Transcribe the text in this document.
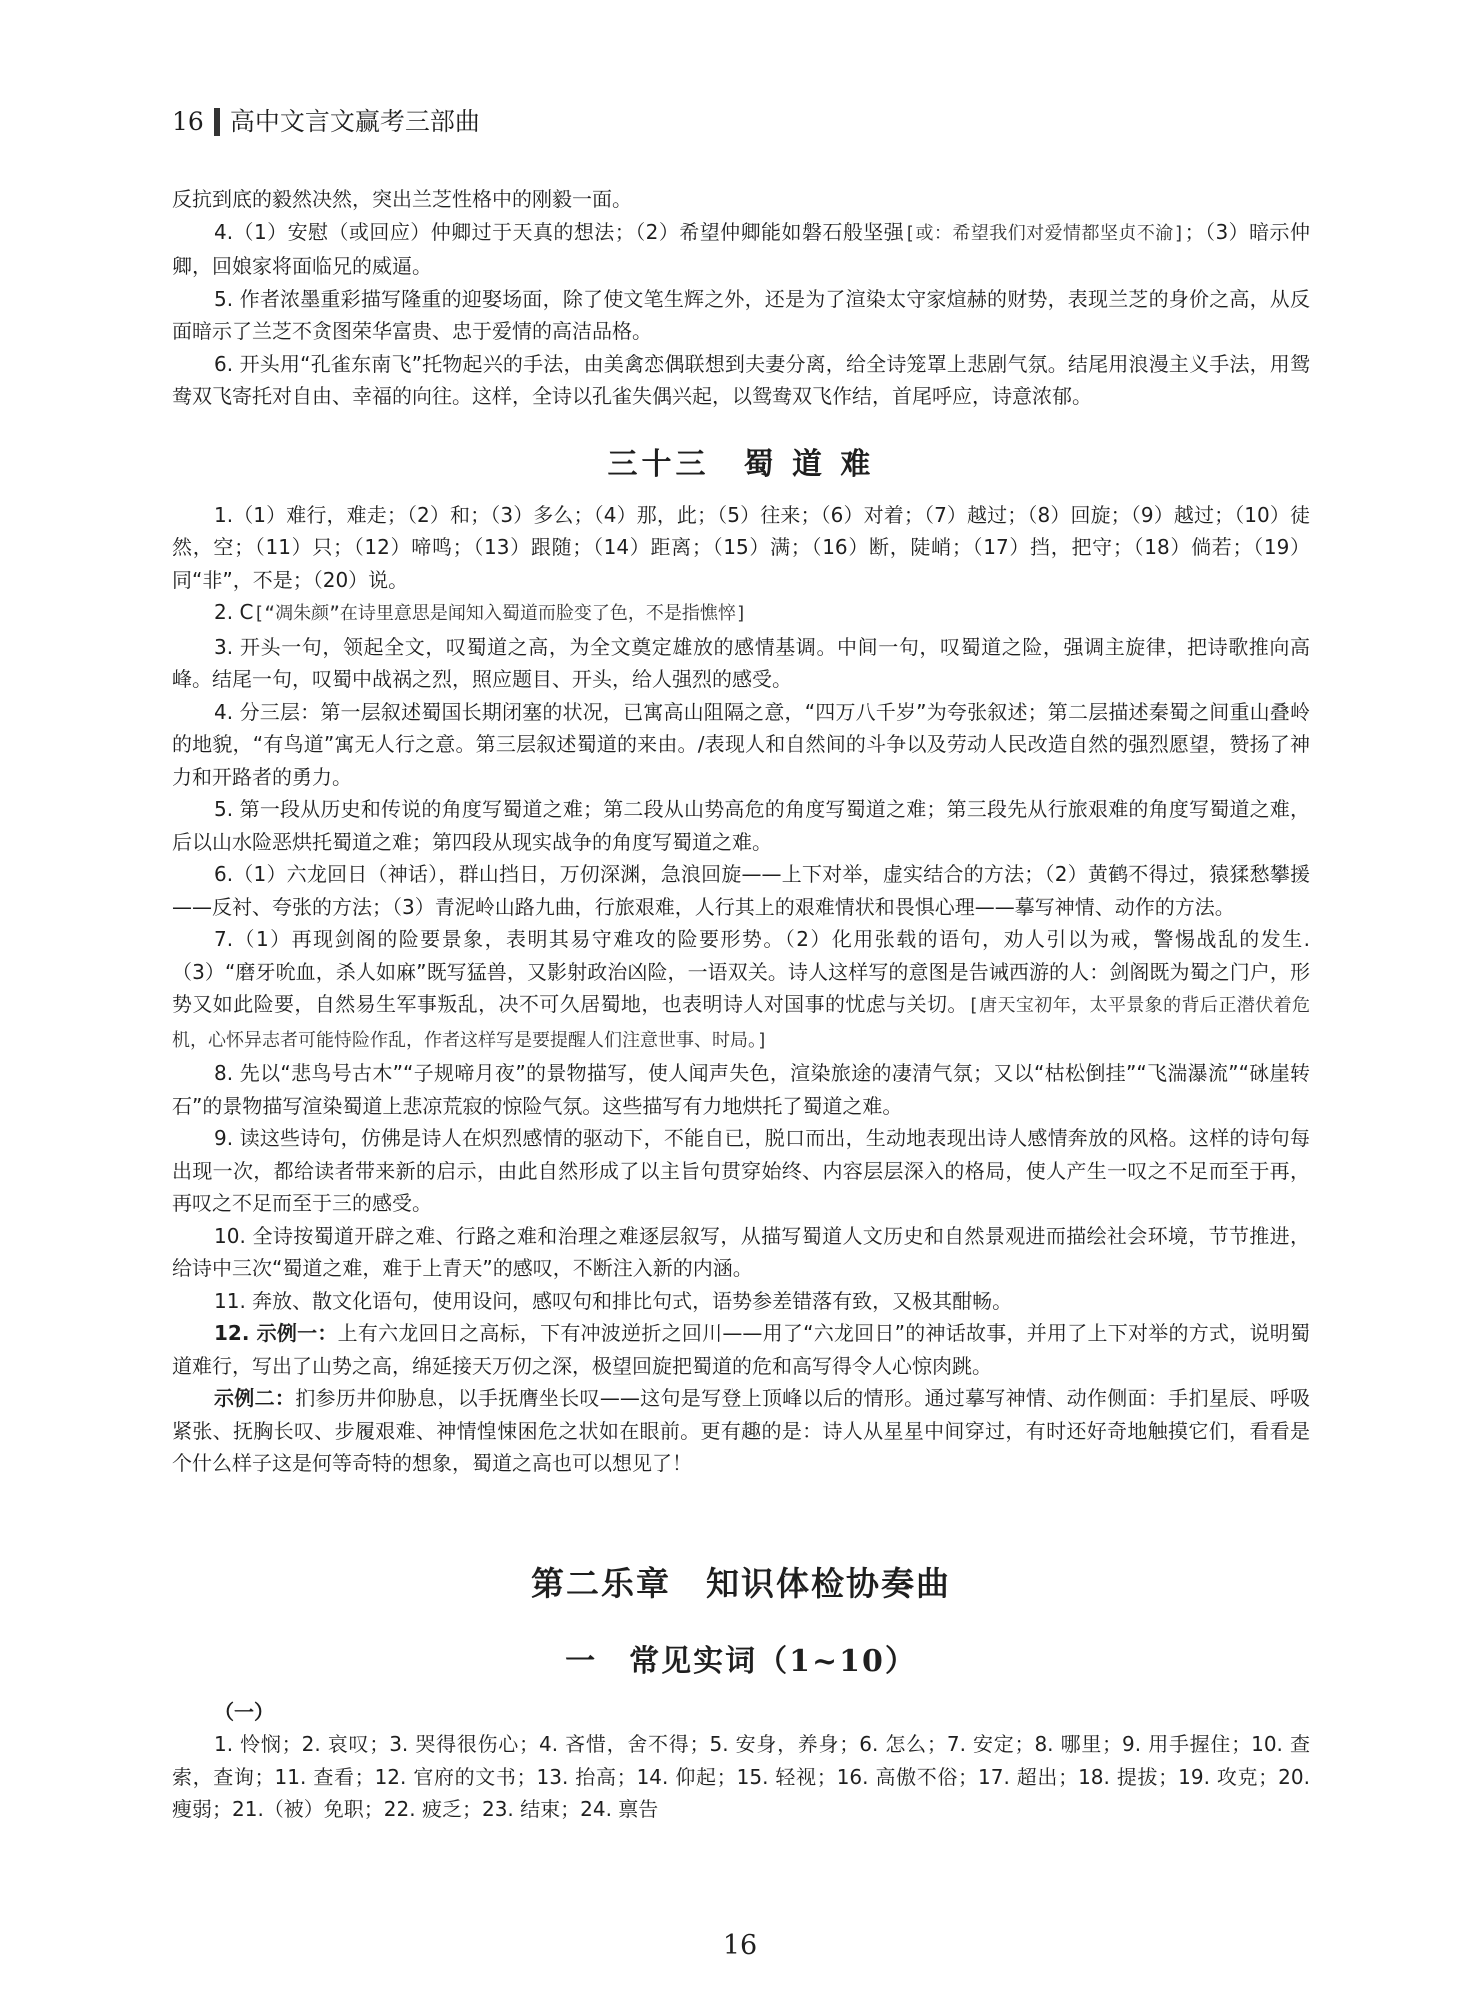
16 高中文言文赢考三部曲

反抗到底的毅然决然，突出兰芝性格中的刚毅一面。

4.（1）安慰（或回应）仲卿过于天真的想法；（2）希望仲卿能如磐石般坚强[或：希望我们对爱情都坚贞不渝]；（3）暗示仲卿，回娘家将面临兄的威逼。

5. 作者浓墨重彩描写隆重的迎娶场面，除了使文笔生辉之外，还是为了渲染太守家煊赫的财势，表现兰芝的身价之高，从反面暗示了兰芝不贪图荣华富贵、忠于爱情的高洁品格。

6. 开头用“孔雀东南飞”托物起兴的手法，由美禽恋偶联想到夫妻分离，给全诗笼罩上悲剧气氛。结尾用浪漫主义手法，用鸳鸯双飞寄托对自由、幸福的向往。这样，全诗以孔雀失偶兴起，以鸳鸯双飞作结，首尾呼应，诗意浓郁。

三十三　蜀 道 难

1.（1）难行，难走；（2）和；（3）多么；（4）那，此；（5）往来；（6）对着；（7）越过；（8）回旋；（9）越过；（10）徒然，空；（11）只；（12）啼鸣；（13）跟随；（14）距离；（15）满；（16）断，陡峭；（17）挡，把守；（18）倘若；（19）同“非”，不是；（20）说。

2. C[“凋朱颜”在诗里意思是闻知入蜀道而脸变了色，不是指憔悴]

3. 开头一句，领起全文，叹蜀道之高，为全文奠定雄放的感情基调。中间一句，叹蜀道之险，强调主旋律，把诗歌推向高峰。结尾一句，叹蜀中战祸之烈，照应题目、开头，给人强烈的感受。

4. 分三层：第一层叙述蜀国长期闭塞的状况，已寓高山阻隔之意，“四万八千岁”为夸张叙述；第二层描述秦蜀之间重山叠岭的地貌，“有鸟道”寓无人行之意。第三层叙述蜀道的来由。/表现人和自然间的斗争以及劳动人民改造自然的强烈愿望，赞扬了神力和开路者的勇力。

5. 第一段从历史和传说的角度写蜀道之难；第二段从山势高危的角度写蜀道之难；第三段先从行旅艰难的角度写蜀道之难，后以山水险恶烘托蜀道之难；第四段从现实战争的角度写蜀道之难。

6.（1）六龙回日（神话），群山挡日，万仞深渊，急浪回旋——上下对举，虚实结合的方法；（2）黄鹤不得过，猿猱愁攀援——反衬、夸张的方法；（3）青泥岭山路九曲，行旅艰难，人行其上的艰难情状和畏惧心理——摹写神情、动作的方法。

7.（1）再现剑阁的险要景象，表明其易守难攻的险要形势。（2）化用张载的语句，劝人引以为戒，警惕战乱的发生.（3）“磨牙吮血，杀人如麻”既写猛兽，又影射政治凶险，一语双关。诗人这样写的意图是告诫西游的人：剑阁既为蜀之门户，形势又如此险要，自然易生军事叛乱，决不可久居蜀地，也表明诗人对国事的忧虑与关切。[唐天宝初年，太平景象的背后正潜伏着危机，心怀异志者可能恃险作乱，作者这样写是要提醒人们注意世事、时局。]

8. 先以“悲鸟号古木”“子规啼月夜”的景物描写，使人闻声失色，渲染旅途的凄清气氛；又以“枯松倒挂”“飞湍瀑流”“砯崖转石”的景物描写渲染蜀道上悲凉荒寂的惊险气氛。这些描写有力地烘托了蜀道之难。

9. 读这些诗句，仿佛是诗人在炽烈感情的驱动下，不能自已，脱口而出，生动地表现出诗人感情奔放的风格。这样的诗句每出现一次，都给读者带来新的启示，由此自然形成了以主旨句贯穿始终、内容层层深入的格局，使人产生一叹之不足而至于再，再叹之不足而至于三的感受。

10. 全诗按蜀道开辟之难、行路之难和治理之难逐层叙写，从描写蜀道人文历史和自然景观进而描绘社会环境，节节推进，给诗中三次“蜀道之难，难于上青天”的感叹，不断注入新的内涵。

11. 奔放、散文化语句，使用设问，感叹句和排比句式，语势参差错落有致，又极其酣畅。

12. 示例一：上有六龙回日之高标，下有冲波逆折之回川——用了“六龙回日”的神话故事，并用了上下对举的方式，说明蜀道难行，写出了山势之高，绵延接天万仞之深，极望回旋把蜀道的危和高写得令人心惊肉跳。

示例二：扪参历井仰胁息，以手抚膺坐长叹——这句是写登上顶峰以后的情形。通过摹写神情、动作侧面：手扪星辰、呼吸紧张、抚胸长叹、步履艰难、神情惶悚困危之状如在眼前。更有趣的是：诗人从星星中间穿过，有时还好奇地触摸它们，看看是个什么样子这是何等奇特的想象，蜀道之高也可以想见了！

第二乐章　知识体检协奏曲
一　常见实词（1~10）

（一）

1. 怜悯；2. 哀叹；3. 哭得很伤心；4. 吝惜，舍不得；5. 安身，养身；6. 怎么；7. 安定；8. 哪里；9. 用手握住；10. 查索，查询；11. 查看；12. 官府的文书；13. 抬高；14. 仰起；15. 轻视；16. 高傲不俗；17. 超出；18. 提拔；19. 攻克；20. 瘦弱；21.（被）免职；22. 疲乏；23. 结束；24. 禀告

16
